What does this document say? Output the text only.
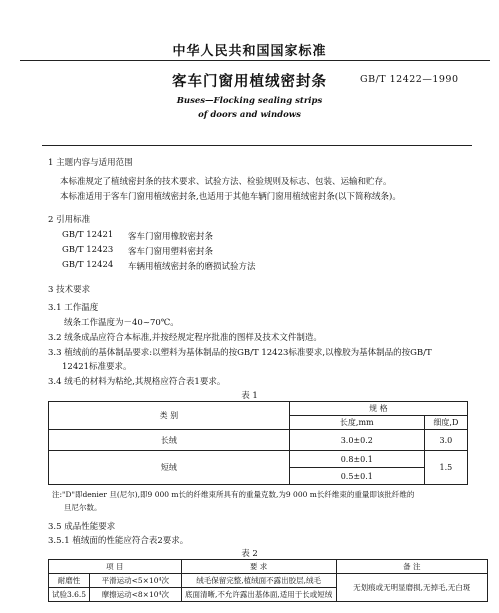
中华人民共和国国家标准
客车门窗用植绒密封条	GB/T 12422—1990
Buses—Flocking sealing strips
of doors and windows
1 主题内容与适用范围
本标准规定了植绒密封条的技术要求、试验方法、检验规则及标志、包装、运输和贮存。
本标准适用于客车门窗用植绒密封条,也适用于其他车辆门窗用植绒密封条(以下简称绒条)。
2 引用标准
GB/T 12421 客车门窗用橡胶密封条
GB/T 12423 客车门窗用塑料密封条
GB/T 12424 车辆用植绒密封条的磨损试验方法
3 技术要求
3.1 工作温度
绒条工作温度为－40~70℃。
3.2 绒条成品应符合本标准,并按经规定程序批准的图样及技术文件制造。
3.3 植绒前的基体制品要求:以塑料为基体制品的按GB/T 12423标准要求,以橡胶为基体制品的按GB/T
12421标准要求。
3.4 绒毛的材料为粘纶,其规格应符合表1要求。
表 1
类 别	规 格	
	长度,mm	细度,D
长绒	3.0±0.2	3.0
短绒	0.8±0.1	1.5
	0.5±0.1	
注:"D"即denier 旦(尼尔),即9 000 m长的纤维束所具有的重量克数,为9 000 m长纤维束的重量即该批纤维的
旦尼尔数。
3.5 成品性能要求
3.5.1 植绒面的性能应符合表2要求。
表 2
项 目		要 求	备 注
耐磨性	平滑运动<5×10⁴次	绒毛保留完整,植绒面不露出胶层,绒毛	无划痕或无明显磨损,无掉毛,无白斑
试验3.6.5	摩擦运动<8×10⁴次	底面清晰,不允许露出基体面,适用于长或短绒	
